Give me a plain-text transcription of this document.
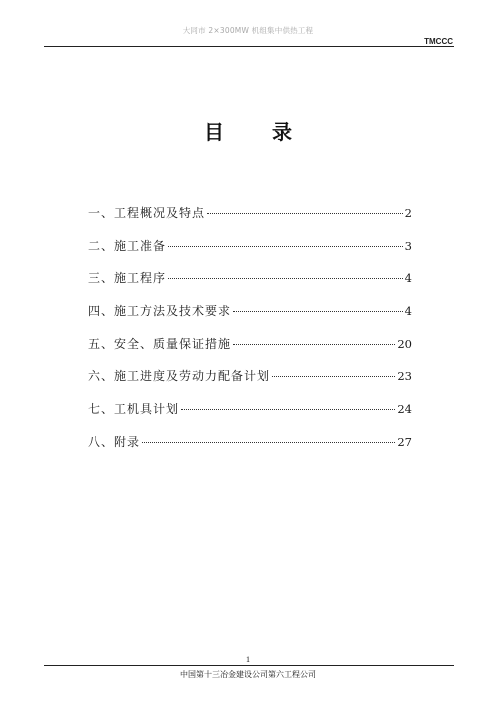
大同市 2×300MW 机组集中供热工程
TMCCC
目 录
一、工程概况及特点	2
二、施工准备	3
三、施工程序	4
四、施工方法及技术要求	4
五、安全、质量保证措施	20
六、施工进度及劳动力配备计划	23
七、工机具计划	24
八、附录	27
1
中国第十三冶金建设公司第六工程公司
